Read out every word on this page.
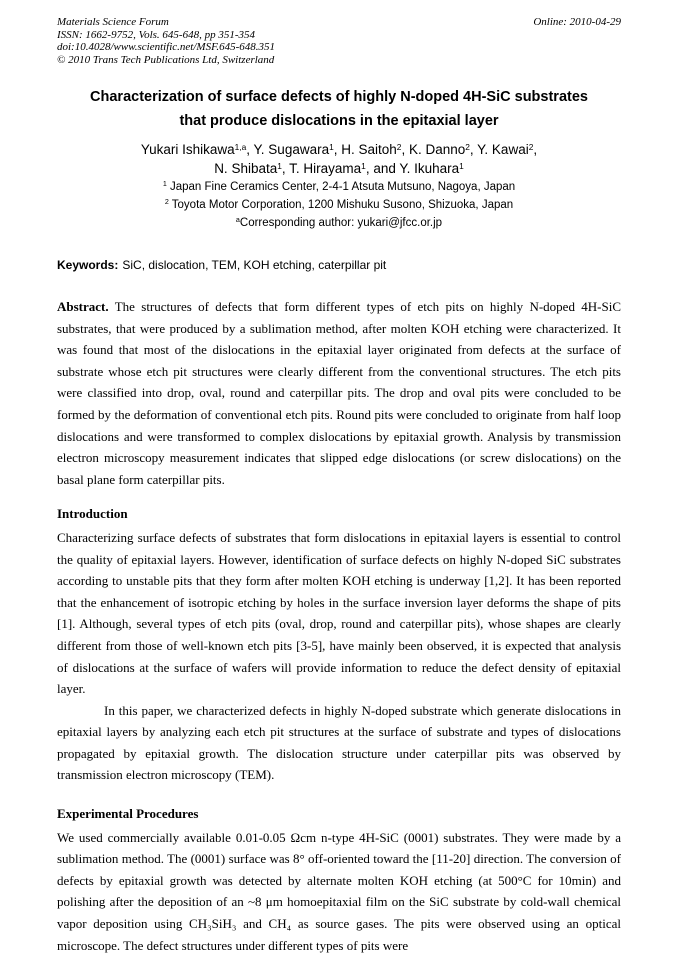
Materials Science Forum
ISSN: 1662-9752, Vols. 645-648, pp 351-354
doi:10.4028/www.scientific.net/MSF.645-648.351
© 2010 Trans Tech Publications Ltd, Switzerland
Online: 2010-04-29
Characterization of surface defects of highly N-doped 4H-SiC substrates
that produce dislocations in the epitaxial layer
Yukari Ishikawa$^{1,a}$, Y. Sugawara$^1$, H. Saitoh$^2$, K. Danno$^2$, Y. Kawai$^2$,
N. Shibata$^1$, T. Hirayama$^1$, and Y. Ikuhara$^1$
$^1$ Japan Fine Ceramics Center, 2-4-1 Atsuta Mutsuno, Nagoya, Japan
$^2$ Toyota Motor Corporation, 1200 Mishuku Susono, Shizuoka, Japan
$^a$Corresponding author: yukari@jfcc.or.jp
Keywords: SiC, dislocation, TEM, KOH etching, caterpillar pit

Abstract. The structures of defects that form different types of etch pits on highly N-doped 4H-SiC substrates, that were produced by a sublimation method, after molten KOH etching were characterized. It was found that most of the dislocations in the epitaxial layer originated from defects at the surface of substrate whose etch pit structures were clearly different from the conventional structures. The etch pits were classified into drop, oval, round and caterpillar pits. The drop and oval pits were concluded to be formed by the deformation of conventional etch pits. Round pits were concluded to originate from half loop dislocations and were transformed to complex dislocations by epitaxial growth. Analysis by transmission electron microscopy measurement indicates that slipped edge dislocations (or screw dislocations) on the basal plane form caterpillar pits.

Introduction

Characterizing surface defects of substrates that form dislocations in epitaxial layers is essential to control the quality of epitaxial layers. However, identification of surface defects on highly N-doped SiC substrates according to unstable pits that they form after molten KOH etching is underway [1,2]. It has been reported that the enhancement of isotropic etching by holes in the surface inversion layer deforms the shape of pits [1]. Although, several types of etch pits (oval, drop, round and caterpillar pits), whose shapes are clearly different from those of well-known etch pits [3-5], have mainly been observed, it is expected that analysis of dislocations at the surface of wafers will provide information to reduce the defect density of epitaxial layer.

In this paper, we characterized defects in highly N-doped substrate which generate dislocations in epitaxial layers by analyzing each etch pit structures at the surface of substrate and types of dislocations propagated by epitaxial growth. The dislocation structure under caterpillar pits was observed by transmission electron microscopy (TEM).

Experimental Procedures

We used commercially available 0.01-0.05 Ωcm n-type 4H-SiC (0001) substrates. They were made by a sublimation method. The (0001) surface was 8° off-oriented toward the [11-20] direction. The conversion of defects by epitaxial growth was detected by alternate molten KOH etching (at 500°C for 10min) and polishing after the deposition of an ~8 μm homoepitaxial film on the SiC substrate by cold-wall chemical vapor deposition using CH₃SiH₃ and CH₄ as source gases. The pits were observed using an optical microscope. The defect structures under different types of pits were
